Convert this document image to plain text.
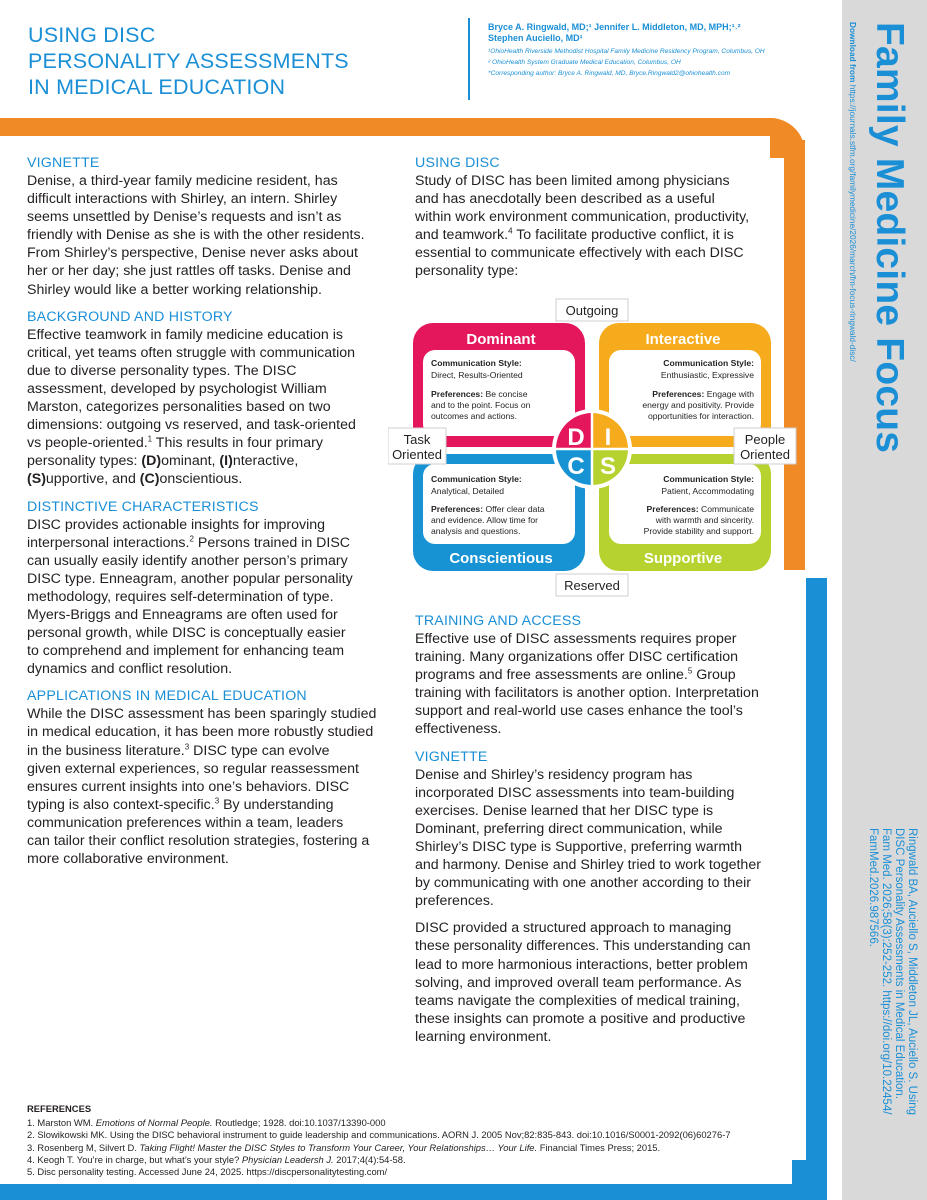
USING DISC
PERSONALITY ASSESSMENTS
IN MEDICAL EDUCATION
Bryce A. Ringwald, MD;¹ Jennifer L. Middleton, MD, MPH;¹˒²
Stephen Auciello, MD¹
¹OhioHealth Riverside Methodist Hospital Family Medicine Residency Program, Columbus, OH
² OhioHealth System Graduate Medical Education, Columbus, OH
*Corresponding author: Bryce A. Ringwald, MD, Bryce.Ringwald2@ohiohealth.com	Family Medicine Focus
Download from https://journals.stfm.org/familymedicine/2026/march/fm-focus-ringwald-disc/
Ringwald BA, Auciello S, Middleton JL, Auciello S. Using
DISC Personality Assessments in Medical Education.
Fam Med. 2026;58(3):252-252. https://doi.org/10.22454/
FamMed.2026.987566.
VIGNETTE

Denise, a third-year family medicine resident, has
difficult interactions with Shirley, an intern. Shirley
seems unsettled by Denise’s requests and isn’t as
friendly with Denise as she is with the other residents.
From Shirley’s perspective, Denise never asks about
her or her day; she just rattles off tasks. Denise and
Shirley would like a better working relationship.

BACKGROUND AND HISTORY

Effective teamwork in family medicine education is
critical, yet teams often struggle with communication
due to diverse personality types. The DISC
assessment, developed by psychologist William
Marston, categorizes personalities based on two
dimensions: outgoing vs reserved, and task-oriented
vs people-oriented.$^1$ This results in four primary
personality types: (D)ominant, (I)nteractive,
(S)upportive, and (C)onscientious.

DISTINCTIVE CHARACTERISTICS

DISC provides actionable insights for improving
interpersonal interactions.$^2$ Persons trained in DISC
can usually easily identify another person’s primary
DISC type. Enneagram, another popular personality
methodology, requires self-determination of type.
Myers-Briggs and Enneagrams are often used for
personal growth, while DISC is conceptually easier
to comprehend and implement for enhancing team
dynamics and conflict resolution.

APPLICATIONS IN MEDICAL EDUCATION

While the DISC assessment has been sparingly studied
in medical education, it has been more robustly studied
in the business literature.$^3$ DISC type can evolve
given external experiences, so regular reassessment
ensures current insights into one’s behaviors. DISC
typing is also context-specific.$^3$ By understanding
communication preferences within a team, leaders
can tailor their conflict resolution strategies, fostering a
more collaborative environment.

USING DISC

Study of DISC has been limited among physicians
and has anecdotally been described as a useful
within work environment communication, productivity,
and teamwork.$^4$ To facilitate productive conflict, it is
essential to communicate effectively with each DISC
personality type:

Dominant	Interactive
Conscientious	Supportive
Communication Style:
Direct, Results-Oriented
Preferences: Be concise
and to the point. Focus on
outcomes and actions.
Communication Style:
Enthusiastic, Expressive
Preferences: Engage with
energy and positivity. Provide
opportunities for interaction.
Communication Style:
Analytical, Detailed
Preferences: Offer clear data
and evidence. Allow time for
analysis and questions.
Communication Style:
Patient, Accommodating
Preferences: Communicate
with warmth and sincerity.
Provide stability and support.
Outgoing
Reserved
Task
Oriented
People
Oriented
D I
C S
TRAINING AND ACCESS

Effective use of DISC assessments requires proper
training. Many organizations offer DISC certification
programs and free assessments are online.$^5$ Group
training with facilitators is another option. Interpretation
support and real-world use cases enhance the tool’s
effectiveness.

VIGNETTE

Denise and Shirley’s residency program has
incorporated DISC assessments into team-building
exercises. Denise learned that her DISC type is
Dominant, preferring direct communication, while
Shirley’s DISC type is Supportive, preferring warmth
and harmony. Denise and Shirley tried to work together
by communicating with one another according to their
preferences.

DISC provided a structured approach to managing
these personality differences. This understanding can
lead to more harmonious interactions, better problem
solving, and improved overall team performance. As
teams navigate the complexities of medical training,
these insights can promote a positive and productive
learning environment.

REFERENCES
1. Marston WM. Emotions of Normal People. Routledge; 1928. doi:10.1037/13390-000
2. Slowikowski MK. Using the DISC behavioral instrument to guide leadership and communications. AORN J. 2005 Nov;82:835-843. doi:10.1016/S0001-2092(06)60276-7
3. Rosenberg M, Silvert D. Taking Flight! Master the DISC Styles to Transform Your Career, Your Relationships… Your Life. Financial Times Press; 2015.
4. Keogh T. You’re in charge, but what’s your style? Physician Leadersh J. 2017;4(4):54-58.
5. Disc personality testing. Accessed June 24, 2025. https://discpersonalitytesting.com/
